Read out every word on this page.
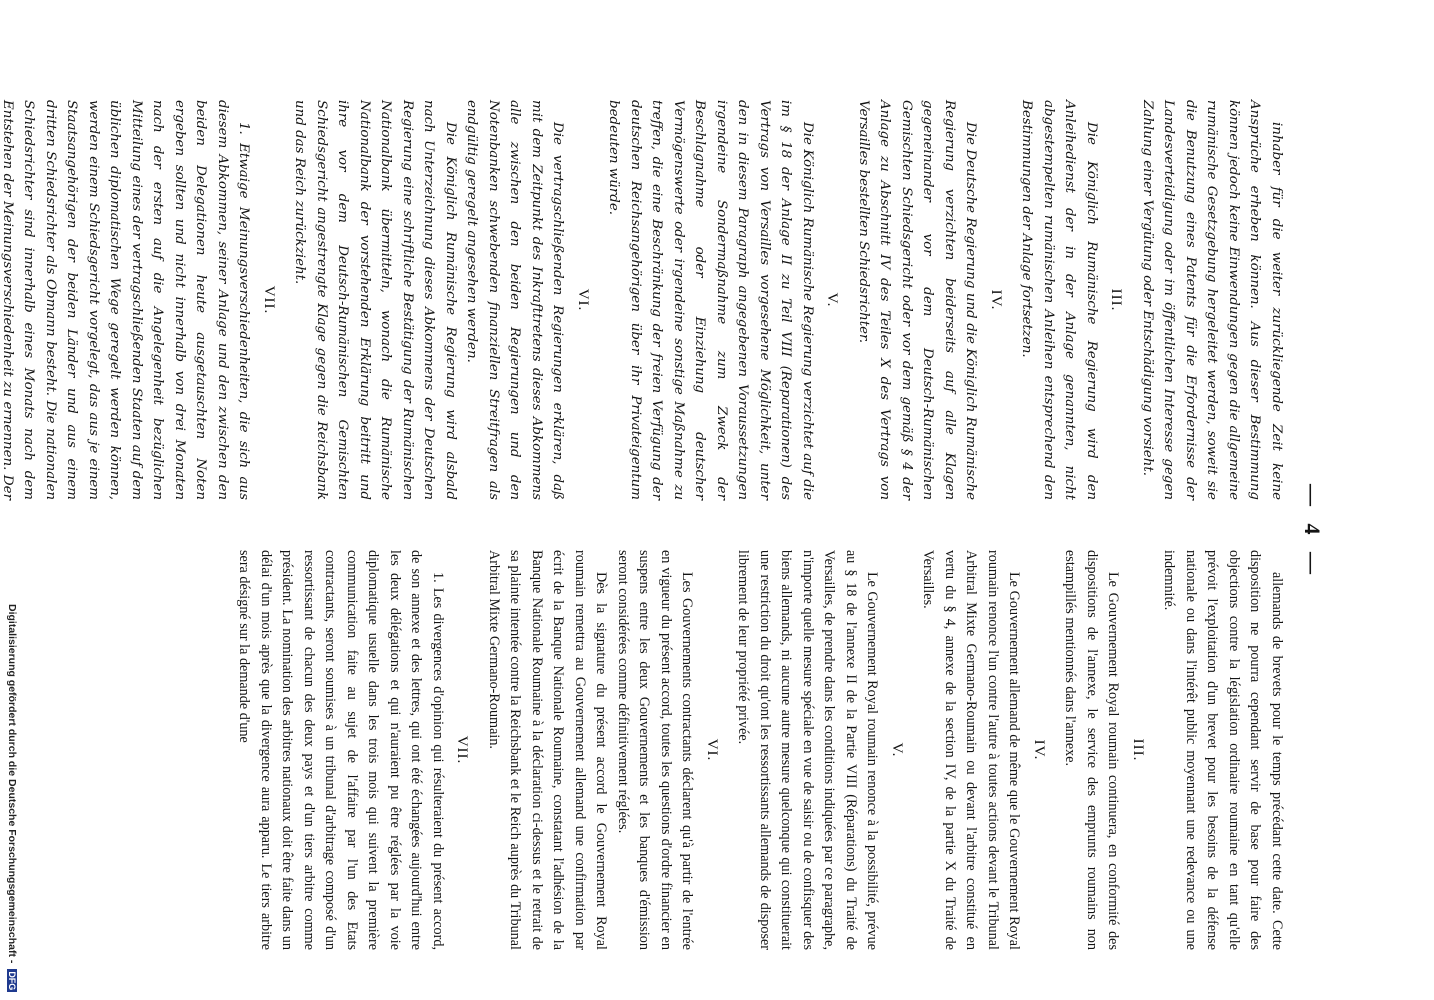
— 4 —

inhaber für die weiter zurückliegende Zeit keine Ansprüche erheben können. Aus dieser Bestimmung können jedoch keine Einwendungen gegen die allgemeine rumänische Gesetzgebung hergeleitet werden, soweit sie die Benutzung eines Patents für die Erfordernisse der Landesverteidigung oder im öffentlichen Interesse gegen Zahlung einer Vergütung oder Entschädigung vorsieht.

III.

Die Königlich Rumänische Regierung wird den Anleihedienst der in der Anlage genannten, nicht abgestempelten rumänischen Anleihen entsprechend den Bestimmungen der Anlage fortsetzen.

IV.

Die Deutsche Regierung und die Königlich Rumänische Regierung verzichten beiderseits auf alle Klagen gegeneinander vor dem Deutsch-Rumänischen Gemischten Schiedsgericht oder vor dem gemäß § 4 der Anlage zu Abschnitt IV des Teiles X des Vertrags von Versailles bestellten Schiedsrichter.

V.

Die Königlich Rumänische Regierung verzichtet auf die im § 18 der Anlage II zu Teil VIII (Reparationen) des Vertrags von Versailles vorgesehene Möglichkeit, unter den in diesem Paragraph angegebenen Voraussetzungen irgendeine Sondermaßnahme zum Zweck der Beschlagnahme oder Einziehung deutscher Vermögenswerte oder irgendeine sonstige Maßnahme zu treffen, die eine Beschränkung der freien Verfügung der deutschen Reichsangehörigen über ihr Privateigentum bedeuten würde.

VI.

Die vertragschließenden Regierungen erklären, daß mit dem Zeitpunkt des Inkrafttretens dieses Abkommens alle zwischen den beiden Regierungen und den Notenbanken schwebenden finanziellen Streitfragen als endgültig geregelt angesehen werden.

Die Königlich Rumänische Regierung wird alsbald nach Unterzeichnung dieses Abkommens der Deutschen Regierung eine schriftliche Bestätigung der Rumänischen Nationalbank übermitteln, wonach die Rumänische Nationalbank der vorstehenden Erklärung beitritt und ihre vor dem Deutsch-Rumänischen Gemischten Schiedsgericht angestrengte Klage gegen die Reichsbank und das Reich zurückzieht.

VII.

1. Etwaige Meinungsverschiedenheiten, die sich aus diesem Abkommen, seiner Anlage und den zwischen den beiden Delegationen heute ausgetauschten Noten ergeben sollten und nicht innerhalb von drei Monaten nach der ersten auf die Angelegenheit bezüglichen Mitteilung eines der vertragschließenden Staaten auf dem üblichen diplomatischen Wege geregelt werden können, werden einem Schiedsgericht vorgelegt, das aus je einem Staatsangehörigen der beiden Länder und aus einem dritten Schiedsrichter als Obmann besteht. Die nationalen Schiedsrichter sind innerhalb eines Monats nach dem Entstehen der Meinungsverschiedenheit zu ernennen. Der

allemands de brevets pour le temps précédant cette date. Cette disposition ne pourra cependant servir de base pour faire des objections contre la législation ordinaire roumaine en tant qu'elle prévoit l'exploitation d'un brevet pour les besoins de la défense nationale ou dans l'intérêt public moyennant une redevance ou une indemnité.

III.

Le Gouvernement Royal roumain continuera, en conformité des dispositions de l'annexe, le service des emprunts roumains non estampillés mentionnés dans l'annexe.

IV.

Le Gouvernement allemand de même que le Gouvernement Royal roumain renonce l'un contre l'autre à toutes actions devant le Tribunal Arbitral Mixte Germano-Roumain ou devant l'arbitre constitué en vertu du § 4, annexe de la section IV, de la partie X du Traité de Versailles.

V.

Le Gouvernement Royal roumain renonce à la possibilité, prévue au § 18 de l'annexe II de la Partie VIII (Réparations) du Traité de Versailles, de prendre dans les conditions indiquées par ce paragraphe, n'importe quelle mesure spéciale en vue de saisir ou de confisquer des biens allemands, ni aucune autre mesure quelconque qui constituerait une restriction du droit qu'ont les ressortissants allemands de disposer librement de leur propriété privée.

VI.

Les Gouvernements contractants déclarent qu'à partir de l'entrée en vigueur du présent accord, toutes les questions d'ordre financier en suspens entre les deux Gouvernements et les banques d'émission seront considérées comme définitivement réglées.

Dès la signature du présent accord le Gouvernement Royal roumain remettra au Gouvernement allemand une confirmation par écrit de la Banque Nationale Roumaine, constatant l'adhésion de la Banque Nationale Roumaine à la déclaration ci-dessus et le retrait de sa plainte intentée contre la Reichsbank et le Reich auprès du Tribunal Arbitral Mixte Germano-Roumain.

VII.

1. Les divergences d'opinion qui résulteraient du présent accord, de son annexe et des lettres, qui ont été échangées aujourd'hui entre les deux délégations et qui n'auraient pu être réglées par la voie diplomatique usuelle dans les trois mois qui suivent la première communication faite au sujet de l'affaire par l'un des Etats contractants, seront soumises à un tribunal d'arbitrage composé d'un ressortissant de chacun des deux pays et d'un tiers arbitre comme président. La nomination des arbitres nationaux doit être faite dans un délai d'un mois après que la divergence aura apparu. Le tiers arbitre sera désigné sur la demande d'une

Digitalisierung gefördert durch die Deutsche Forschungsgemeinschaft - DFG
